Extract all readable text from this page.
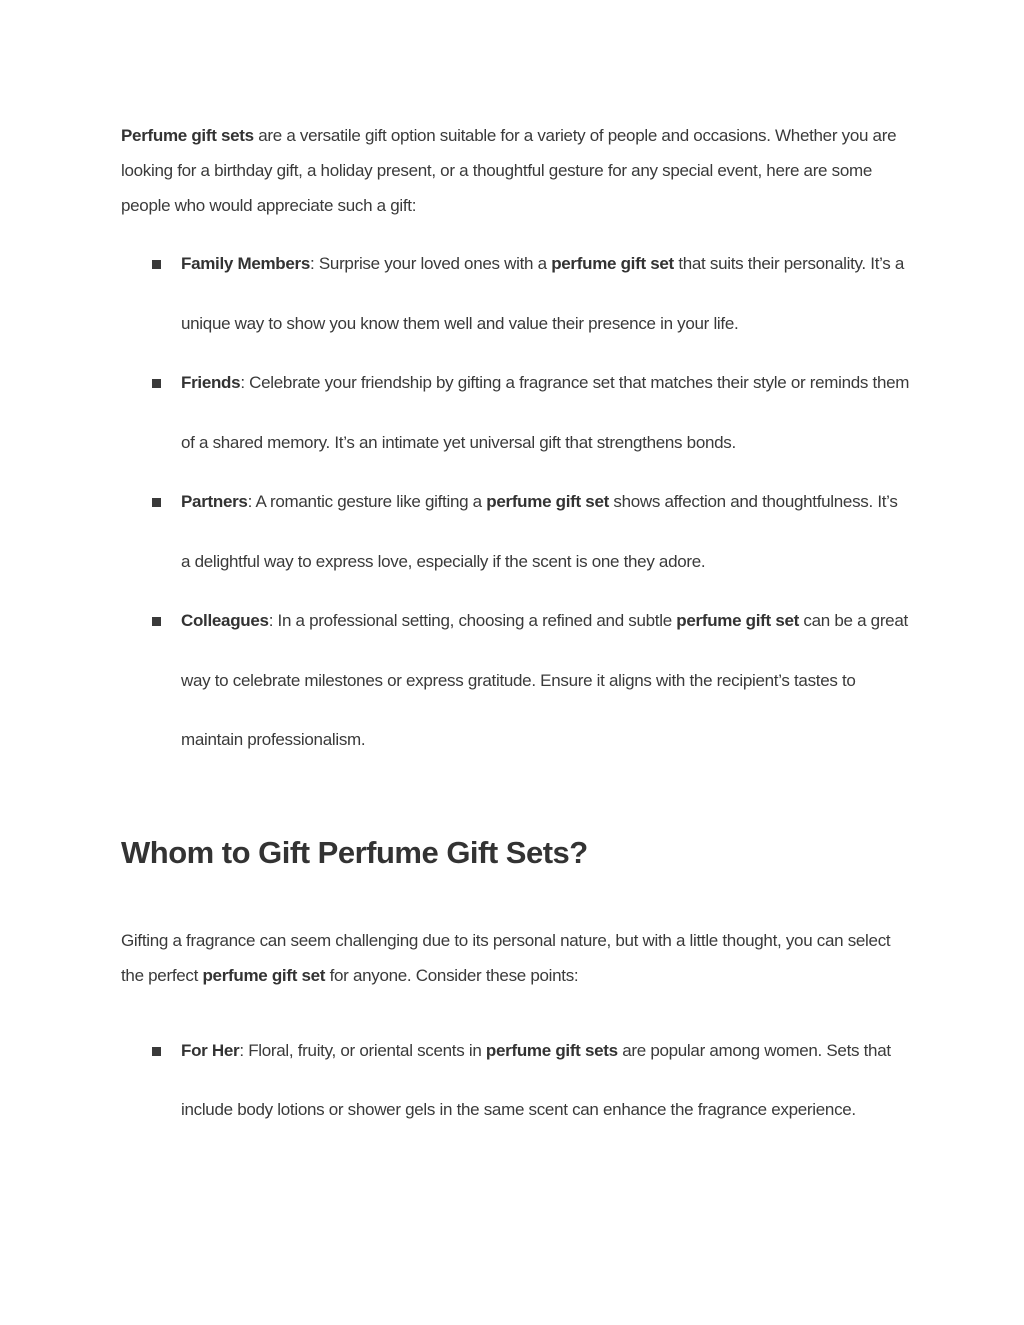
Perfume gift sets are a versatile gift option suitable for a variety of people and occasions. Whether you are looking for a birthday gift, a holiday present, or a thoughtful gesture for any special event, here are some people who would appreciate such a gift:

Family Members: Surprise your loved ones with a perfume gift set that suits their personality. It’s a unique way to show you know them well and value their presence in your life.
Friends: Celebrate your friendship by gifting a fragrance set that matches their style or reminds them of a shared memory. It’s an intimate yet universal gift that strengthens bonds.
Partners: A romantic gesture like gifting a perfume gift set shows affection and thoughtfulness. It’s a delightful way to express love, especially if the scent is one they adore.
Colleagues: In a professional setting, choosing a refined and subtle perfume gift set can be a great way to celebrate milestones or express gratitude. Ensure it aligns with the recipient’s tastes to maintain professionalism.
Whom to Gift Perfume Gift Sets?

Gifting a fragrance can seem challenging due to its personal nature, but with a little thought, you can select the perfect perfume gift set for anyone. Consider these points:

For Her: Floral, fruity, or oriental scents in perfume gift sets are popular among women. Sets that include body lotions or shower gels in the same scent can enhance the fragrance experience.
